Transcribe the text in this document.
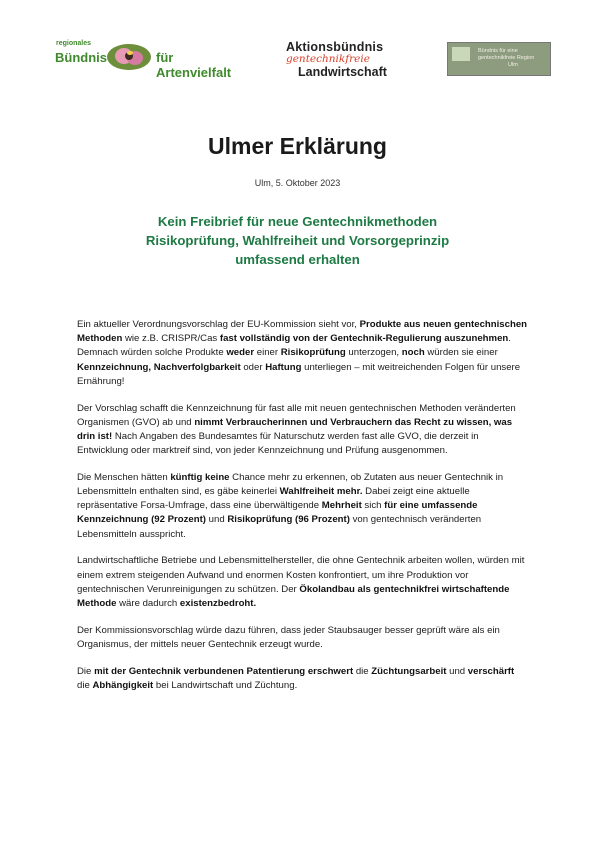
regionales
Bündnis	für Artenvielfalt
Aktionsbündnis
gentechnikfreie
Landwirtschaft
Bündnis für eine
gentechnikfreie Region
Ulm
Ulmer Erklärung
Ulm, 5. Oktober 2023
Kein Freibrief für neue Gentechnikmethoden
Risikoprüfung, Wahlfreiheit und Vorsorgeprinzip
umfassend erhalten

Ein aktueller Verordnungsvorschlag der EU-Kommission sieht vor, Produkte aus neuen gentechnischen Methoden wie z.B. CRISPR/Cas fast vollständig von der Gentechnik-Regulierung auszunehmen. Demnach würden solche Produkte weder einer Risikoprüfung unterzogen, noch würden sie einer Kennzeichnung, Nachverfolgbarkeit oder Haftung unterliegen – mit weitreichenden Folgen für unsere Ernährung!

Der Vorschlag schafft die Kennzeichnung für fast alle mit neuen gentechnischen Methoden veränderten Organismen (GVO) ab und nimmt Verbraucherinnen und Verbrauchern das Recht zu wissen, was drin ist! Nach Angaben des Bundesamtes für Naturschutz werden fast alle GVO, die derzeit in Entwicklung oder marktreif sind, von jeder Kennzeichnung und Prüfung ausgenommen.

Die Menschen hätten künftig keine Chance mehr zu erkennen, ob Zutaten aus neuer Gentechnik in Lebensmitteln enthalten sind, es gäbe keinerlei Wahlfreiheit mehr. Dabei zeigt eine aktuelle repräsentative Forsa-Umfrage, dass eine überwältigende Mehrheit sich für eine umfassende Kennzeichnung (92 Prozent) und Risikoprüfung (96 Prozent) von gentechnisch veränderten Lebensmitteln ausspricht.

Landwirtschaftliche Betriebe und Lebensmittelhersteller, die ohne Gentechnik arbeiten wollen, würden mit einem extrem steigenden Aufwand und enormen Kosten konfrontiert, um ihre Produktion vor gentechnischen Verunreinigungen zu schützen. Der Ökolandbau als gentechnikfrei wirtschaftende Methode wäre dadurch existenzbedroht.

Der Kommissionsvorschlag würde dazu führen, dass jeder Staubsauger besser geprüft wäre als ein Organismus, der mittels neuer Gentechnik erzeugt wurde.

Die mit der Gentechnik verbundenen Patentierung erschwert die Züchtungsarbeit und verschärft die Abhängigkeit bei Landwirtschaft und Züchtung.
